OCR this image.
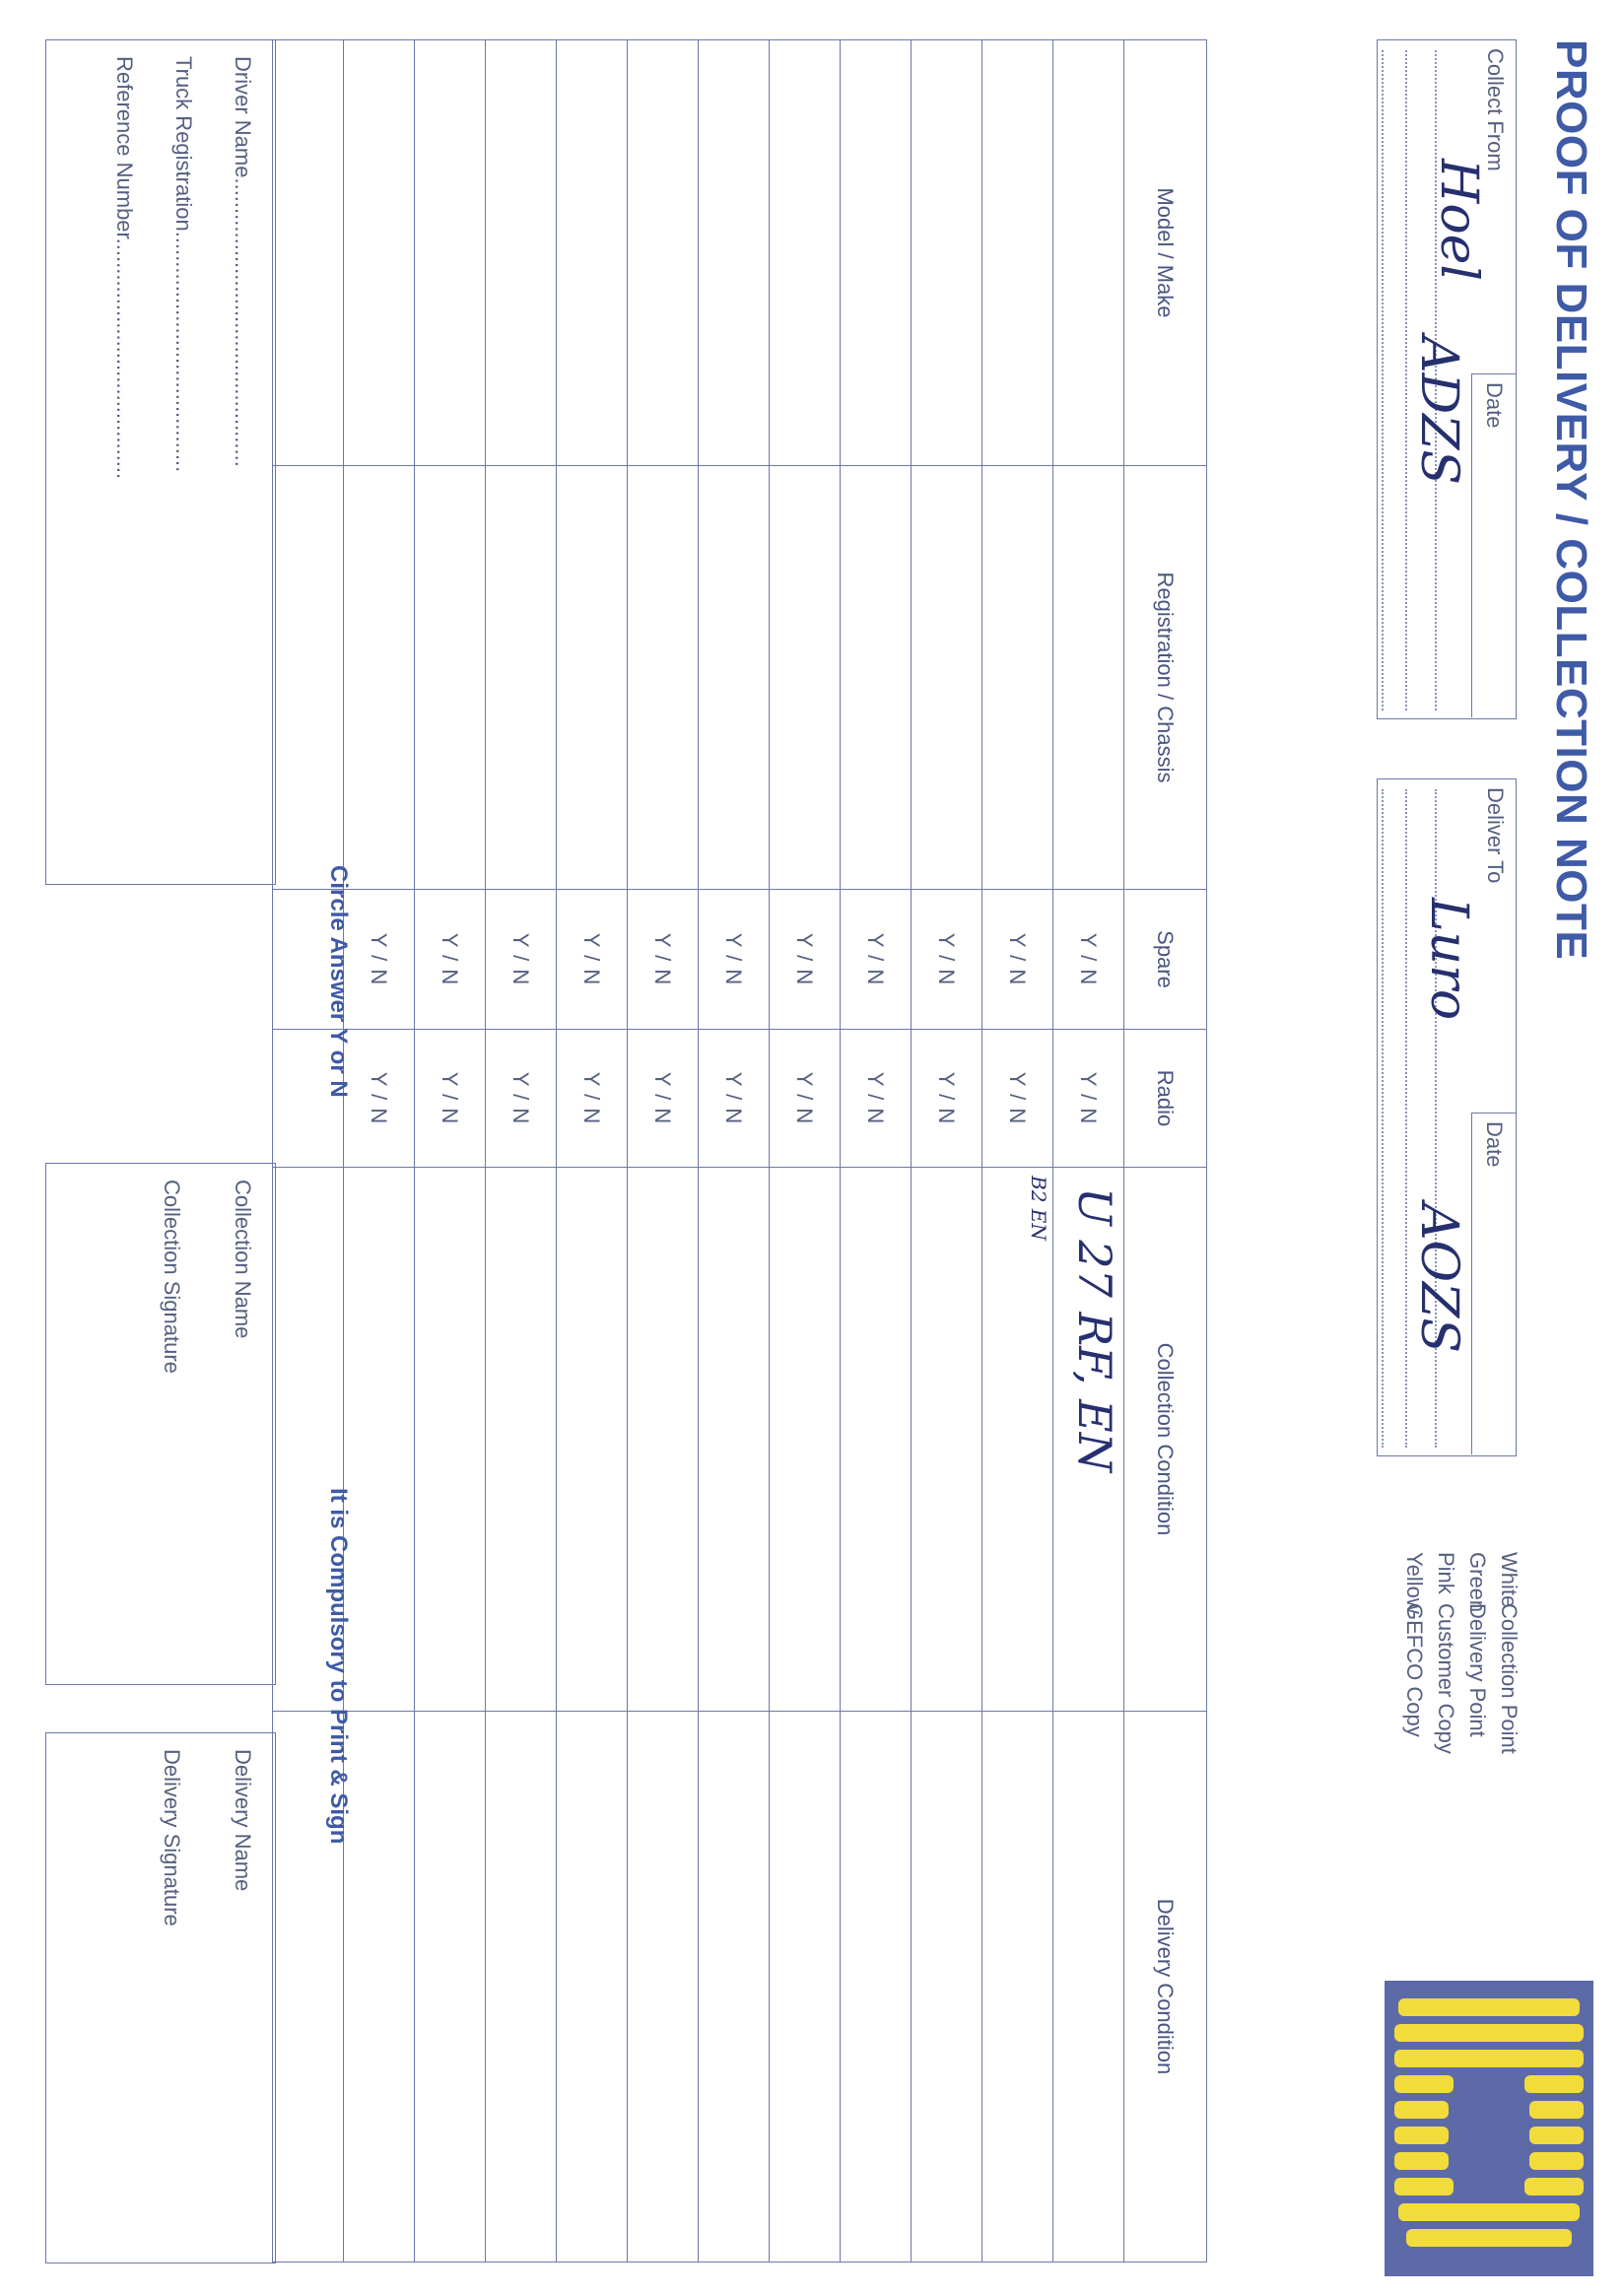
PROOF OF DELIVERY / COLLECTION NOTE
Collect From
Date
Hoel
ADZS
Deliver To
Date
Luro
AOZS
WhiteCollection Point
GreenDelivery Point
PinkCustomer Copy
YellowGEFCO Copy
Model / Make	Registration / Chassis	Spare	Radio	Collection Condition	Delivery Condition
		Y / N	Y / N	U 27 RF, EN	

		Y / N	Y / N	B2 EN	

		Y / N	Y / N		
		Y / N	Y / N		
		Y / N	Y / N		
		Y / N	Y / N		
		Y / N	Y / N		
		Y / N	Y / N		
		Y / N	Y / N		
		Y / N	Y / N		
		Y / N	Y / N		

Circle Answer Y or N
It is Compulsory to Print & Sign
Driver Name................................................
Truck Registration........................................
Reference Number........................................
Collection Name
Collection Signature
Delivery Name
Delivery Signature
